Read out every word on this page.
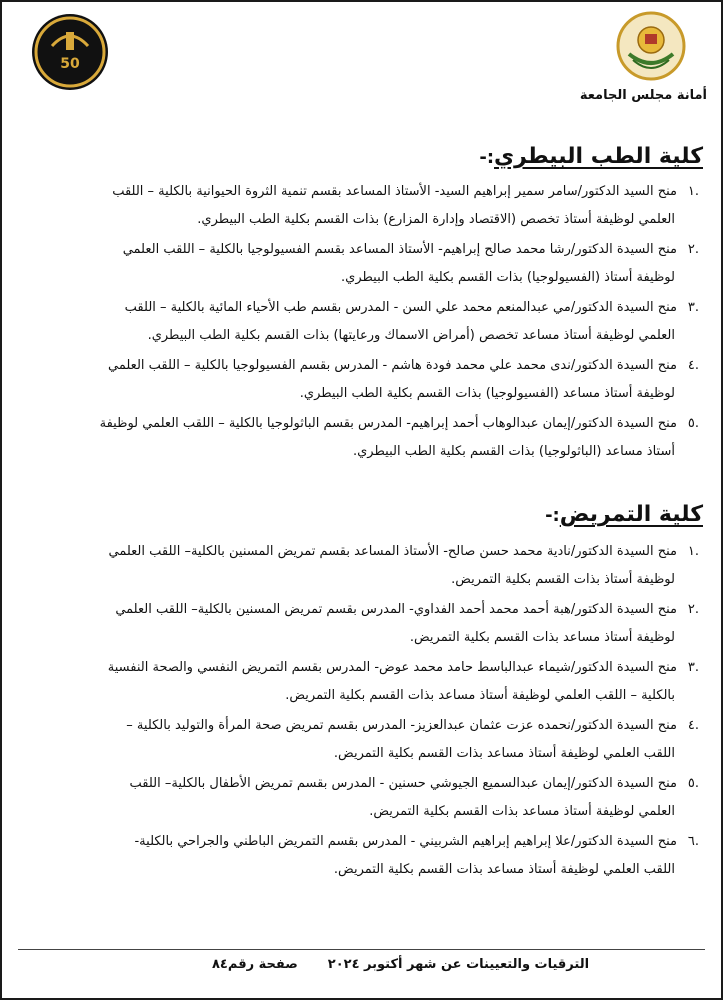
أمانة مجلس الجامعة
50
كلية الطب البيطري:-
.١منح السيد الدكتور/سامر سمير إبراهيم السيد- الأستاذ المساعد بقسم تنمية الثروة الحيوانية بالكلية – اللقب
العلمي لوظيفة أستاذ تخصص (الاقتصاد وإدارة المزارع) بذات القسم بكلية الطب البيطري.
.٢منح السيدة الدكتور/رشا محمد صالح إبراهيم- الأستاذ المساعد بقسم الفسيولوجيا بالكلية – اللقب العلمي
لوظيفة أستاذ (الفسيولوجيا) بذات القسم بكلية الطب البيطري.
.٣منح السيدة الدكتور/مي عبدالمنعم محمد علي السن - المدرس بقسم طب الأحياء المائية بالكلية – اللقب
العلمي لوظيفة أستاذ مساعد تخصص (أمراض الاسماك ورعايتها) بذات القسم بكلية الطب البيطري.
.٤منح السيدة الدكتور/ندى محمد علي محمد فودة هاشم - المدرس بقسم الفسيولوجيا بالكلية – اللقب العلمي
لوظيفة أستاذ مساعد (الفسيولوجيا) بذات القسم بكلية الطب البيطري.
.٥منح السيدة الدكتور/إيمان عبدالوهاب أحمد إبراهيم- المدرس بقسم الباثولوجيا بالكلية – اللقب العلمي لوظيفة
أستاذ مساعد (الباثولوجيا) بذات القسم بكلية الطب البيطري.
كلية التمريض:-
.١منح السيدة الدكتور/نادية محمد حسن صالح- الأستاذ المساعد بقسم تمريض المسنين بالكلية– اللقب العلمي
لوظيفة أستاذ بذات القسم بكلية التمريض.
.٢منح السيدة الدكتور/هبة أحمد محمد أحمد الفداوي- المدرس بقسم تمريض المسنين بالكلية– اللقب العلمي
لوظيفة أستاذ مساعد بذات القسم بكلية التمريض.
.٣منح السيدة الدكتور/شيماء عبدالباسط حامد محمد عوض- المدرس بقسم التمريض النفسي والصحة النفسية
بالكلية – اللقب العلمي لوظيفة أستاذ مساعد بذات القسم بكلية التمريض.
.٤منح السيدة الدكتور/نحمده عزت عثمان عبدالعزيز- المدرس بقسم تمريض صحة المرأة والتوليد بالكلية –
اللقب العلمي لوظيفة أستاذ مساعد بذات القسم بكلية التمريض.
.٥منح السيدة الدكتور/إيمان عبدالسميع الجيوشي حسنين - المدرس بقسم تمريض الأطفال بالكلية– اللقب
العلمي لوظيفة أستاذ مساعد بذات القسم بكلية التمريض.
.٦منح السيدة الدكتور/علا إبراهيم إبراهيم الشربيني - المدرس بقسم التمريض الباطني والجراحي بالكلية-
اللقب العلمي لوظيفة أستاذ مساعد بذات القسم بكلية التمريض.
الترقيات والتعيينات عن شهر أكتوبر ٢٠٢٤صفحة رقم٨٤
